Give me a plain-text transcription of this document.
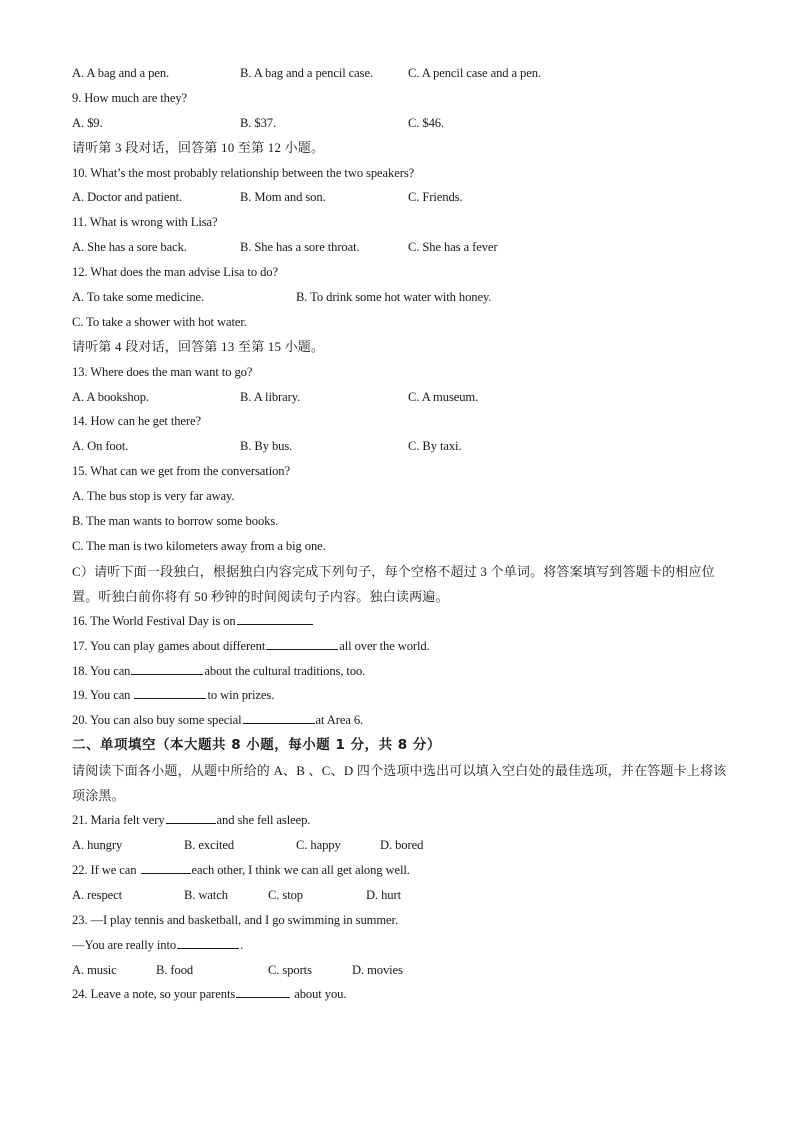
A. A bag and a pen.	B. A bag and a pencil case.	C. A pencil case and a pen.
9. How much are they?
A. $9.	B. $37.	C. $46.
请听第 3 段对话，回答第 10 至第 12 小题。
10. What’s the most probably relationship between the two speakers?
A. Doctor and patient.	B. Mom and son.	C. Friends.
11. What is wrong with Lisa?
A. She has a sore back.	B. She has a sore throat.	C. She has a fever
12. What does the man advise Lisa to do?
A. To take some medicine.	B. To drink some hot water with honey.
C. To take a shower with hot water.
请听第 4 段对话，回答第 13 至第 15 小题。
13. Where does the man want to go?
A. A bookshop.	B. A library.	C. A museum.
14. How can he get there?
A. On foot.	B. By bus.	C. By taxi.
15. What can we get from the conversation?
A. The bus stop is very far away.
B. The man wants to borrow some books.
C. The man is two kilometers away from a big one.
C）请听下面一段独白，根据独白内容完成下列句子，每个空格不超过 3 个单词。将答案填写到答题卡的相应位置。听独白前你将有 50 秒钟的时间阅读句子内容。独白读两遍。
16. The World Festival Day is on
17. You can play games about different	all over the world.
18. You can	about the cultural traditions, too.
19. You can	to win prizes.
20. You can also buy some special	at Area 6.
二、单项填空（本大题共 8 小题，每小题 1 分，共 8 分）
请阅读下面各小题，从题中所给的 A、B 、C、D 四个选项中选出可以填入空白处的最佳选项，并在答题卡上将该项涂黑。
21. Maria felt very	and she fell asleep.
A. hungry	B. excited	C. happy	D. bored
22. If we can	each other, I think we can all get along well.
A. respect	B. watch	C. stop	D. hurt
23. —I play tennis and basketball, and I go swimming in summer.
—You are really into	.
A. music	B. food	C. sports	D. movies
24. Leave a note, so your parents	about you.
